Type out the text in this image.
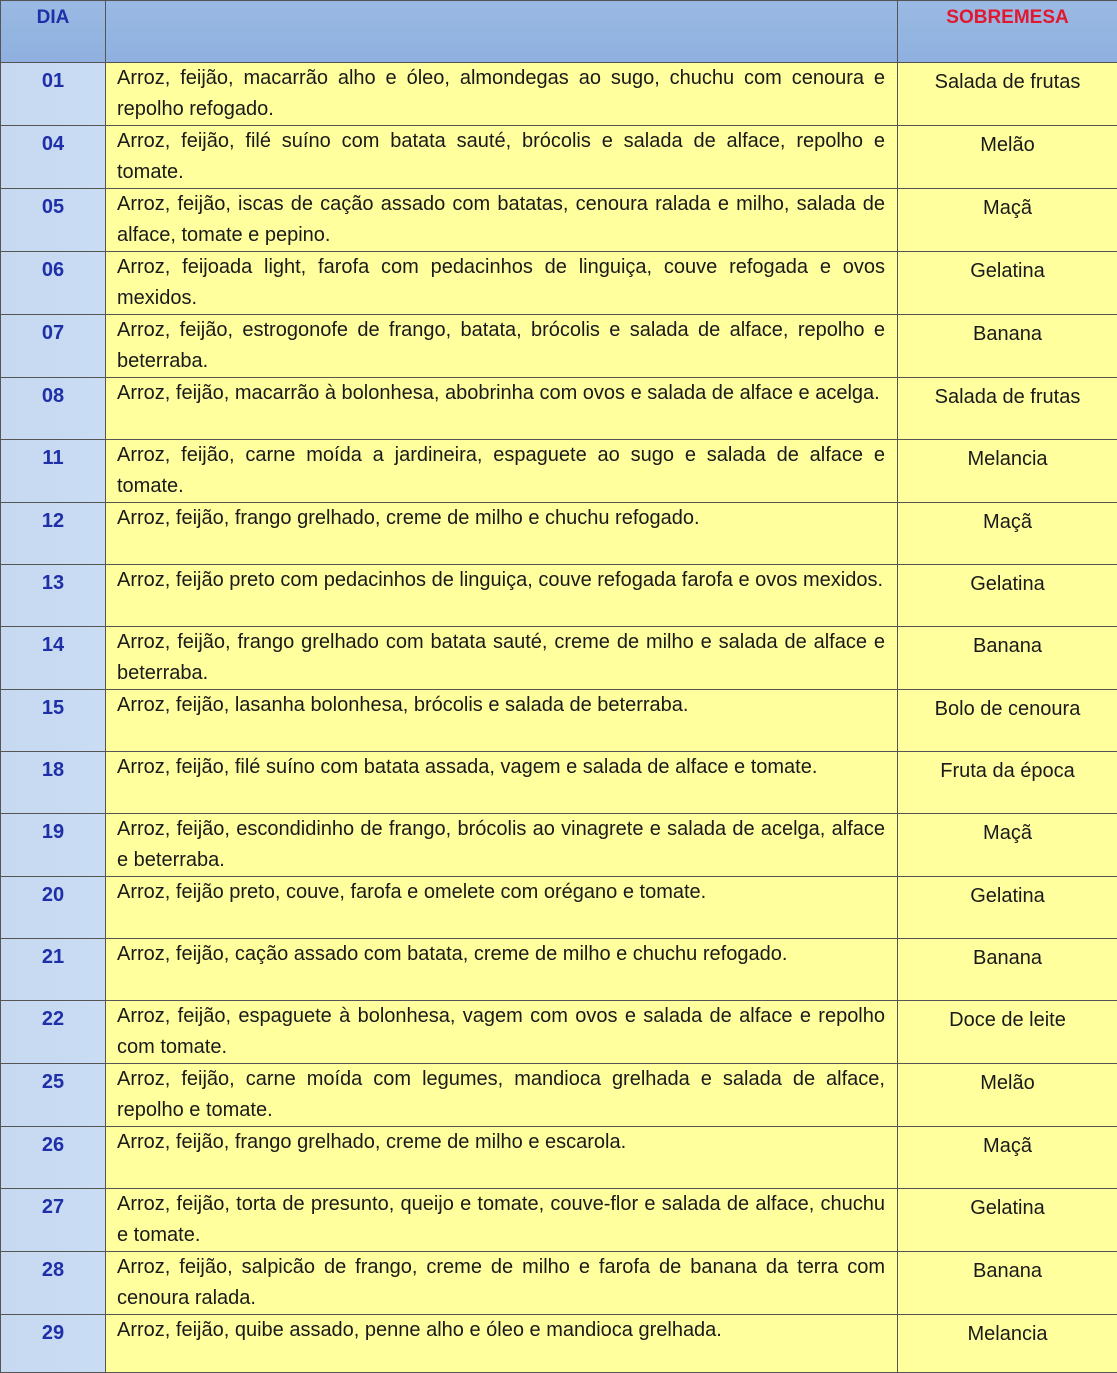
DIA		SOBREMESA
01	Arroz, feijão, macarrão alho e óleo, almondegas ao sugo, chuchu com cenoura e repolho refogado.	Salada de frutas
04	Arroz, feijão, filé suíno com batata sauté, brócolis e salada de alface, repolho e tomate.	Melão
05	Arroz, feijão, iscas de cação assado com batatas, cenoura ralada e milho, salada de alface, tomate e pepino.	Maçã
06	Arroz, feijoada light, farofa com pedacinhos de linguiça, couve refogada e ovos mexidos.	Gelatina
07	Arroz, feijão, estrogonofe de frango, batata, brócolis e salada de alface, repolho e beterraba.	Banana
08	Arroz, feijão, macarrão à bolonhesa, abobrinha com ovos e salada de alface e acelga.	Salada de frutas
11	Arroz, feijão, carne moída a jardineira, espaguete ao sugo e salada de alface e tomate.	Melancia
12	Arroz, feijão, frango grelhado, creme de milho e chuchu refogado.	Maçã
13	Arroz, feijão preto com pedacinhos de linguiça, couve refogada farofa e ovos mexidos.	Gelatina
14	Arroz, feijão, frango grelhado com batata sauté, creme de milho e salada de alface e beterraba.	Banana
15	Arroz, feijão, lasanha bolonhesa, brócolis e salada de beterraba.	Bolo de cenoura
18	Arroz, feijão, filé suíno com batata assada, vagem e salada de alface e tomate.	Fruta da época
19	Arroz, feijão, escondidinho de frango, brócolis ao vinagrete e salada de acelga, alface e beterraba.	Maçã
20	Arroz, feijão preto, couve, farofa e omelete com orégano e tomate.	Gelatina
21	Arroz, feijão, cação assado com batata, creme de milho e chuchu refogado.	Banana
22	Arroz, feijão, espaguete à bolonhesa, vagem com ovos e salada de alface e repolho com tomate.	Doce de leite
25	Arroz, feijão, carne moída com legumes, mandioca grelhada e salada de alface, repolho e tomate.	Melão
26	Arroz, feijão, frango grelhado, creme de milho e escarola.	Maçã
27	Arroz, feijão, torta de presunto, queijo e tomate, couve-flor e salada de alface, chuchu e tomate.	Gelatina
28	Arroz, feijão, salpicão de frango, creme de milho e farofa de banana da terra com cenoura ralada.	Banana
29	Arroz, feijão, quibe assado, penne alho e óleo e mandioca grelhada.	Melancia
